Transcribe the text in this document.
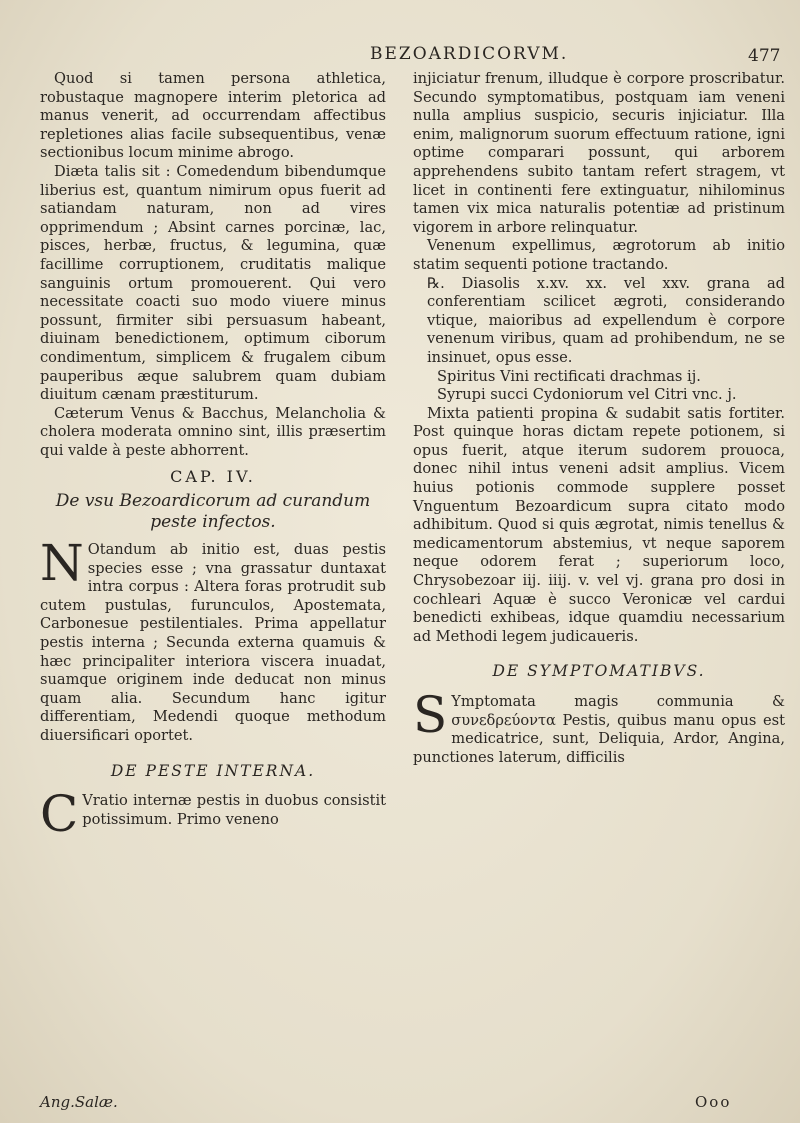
BEZOARDICORVM.	477

Quod si tamen persona athletica, robustaque magnopere interim pletorica ad manus venerit, ad occurrendam affectibus repletiones alias facile subsequentibus, venæ sectionibus locum minime abrogo.

Diæta talis sit : Comedendum bibendumque liberius est, quantum nimirum opus fuerit ad satiandam naturam, non ad vires opprimendum ; Absint carnes porcinæ, lac, pisces, herbæ, fructus, & legumina, quæ facillime corruptionem, cruditatis malique sanguinis ortum promouerent. Qui vero necessitate coacti suo modo viuere minus possunt, firmiter sibi persuasum habeant, diuinam benedictionem, optimum ciborum condimentum, simplicem & frugalem cibum pauperibus æque salubrem quam dubiam diuitum cænam præstiturum.

Cæterum Venus & Bacchus, Melancholia & cholera moderata omnino sint, illis præsertim qui valde à peste abhorrent.

CAP. IV.

De vsu Bezoardicorum ad curandum peste infectos.

N Otandum ab initio est, duas pestis species esse ; vna grassatur duntaxat intra corpus : Altera foras protrudit sub cutem pustulas, furunculos, Apostemata, Carbonesue pestilentiales. Prima appellatur pestis interna ; Secunda externa quamuis & hæc principaliter interiora viscera inuadat, suamque originem inde deducat non minus quam alia. Secundum hanc igitur differentiam, Medendi quoque methodum diuersificari oportet.

DE PESTE INTERNA.

C Vratio internæ pestis in duobus consistit potissimum. Primo veneno

injiciatur frenum, illudque è corpore proscribatur. Secundo symptomatibus, postquam iam veneni nulla amplius suspicio, securis injiciatur. Illa enim, malignorum suorum effectuum ratione, igni optime comparari possunt, qui arborem apprehendens subito tantam refert stragem, vt licet in continenti fere extinguatur, nihilominus tamen vix mica naturalis potentiæ ad pristinum vigorem in arbore relinquatur.

Venenum expellimus, ægrotorum ab initio statim sequenti potione tractando.

℞. Diasolis x.xv. xx. vel xxv. grana ad conferentiam scilicet ægroti, considerando vtique, maioribus ad expellendum è corpore venenum viribus, quam ad prohibendum, ne se insinuet, opus esse.

Spiritus Vini rectificati drachmas ij.

Syrupi succi Cydoniorum vel Citri vnc. j.

Mixta patienti propina & sudabit satis fortiter. Post quinque horas dictam repete potionem, si opus fuerit, atque iterum sudorem prouoca, donec nihil intus veneni adsit amplius. Vicem huius potionis commode supplere posset Vnguentum Bezoardicum supra citato modo adhibitum. Quod si quis ægrotat, nimis tenellus & medicamentorum abstemius, vt neque saporem neque odorem ferat ; superiorum loco, Chrysobezoar iij. iiij. v. vel vj. grana pro dosi in cochleari Aquæ è succo Veronicæ vel cardui benedicti exhibeas, idque quamdiu necessarium ad Methodi legem judicaueris.

DE SYMPTOMATIBVS.

S Ymptomata magis communia & συνεδρεύοντα Pestis, quibus manu opus est medicatrice, sunt, Deliquia, Ardor, Angina, punctiones laterum, difficilis

Ang.Salæ.	Ooo
